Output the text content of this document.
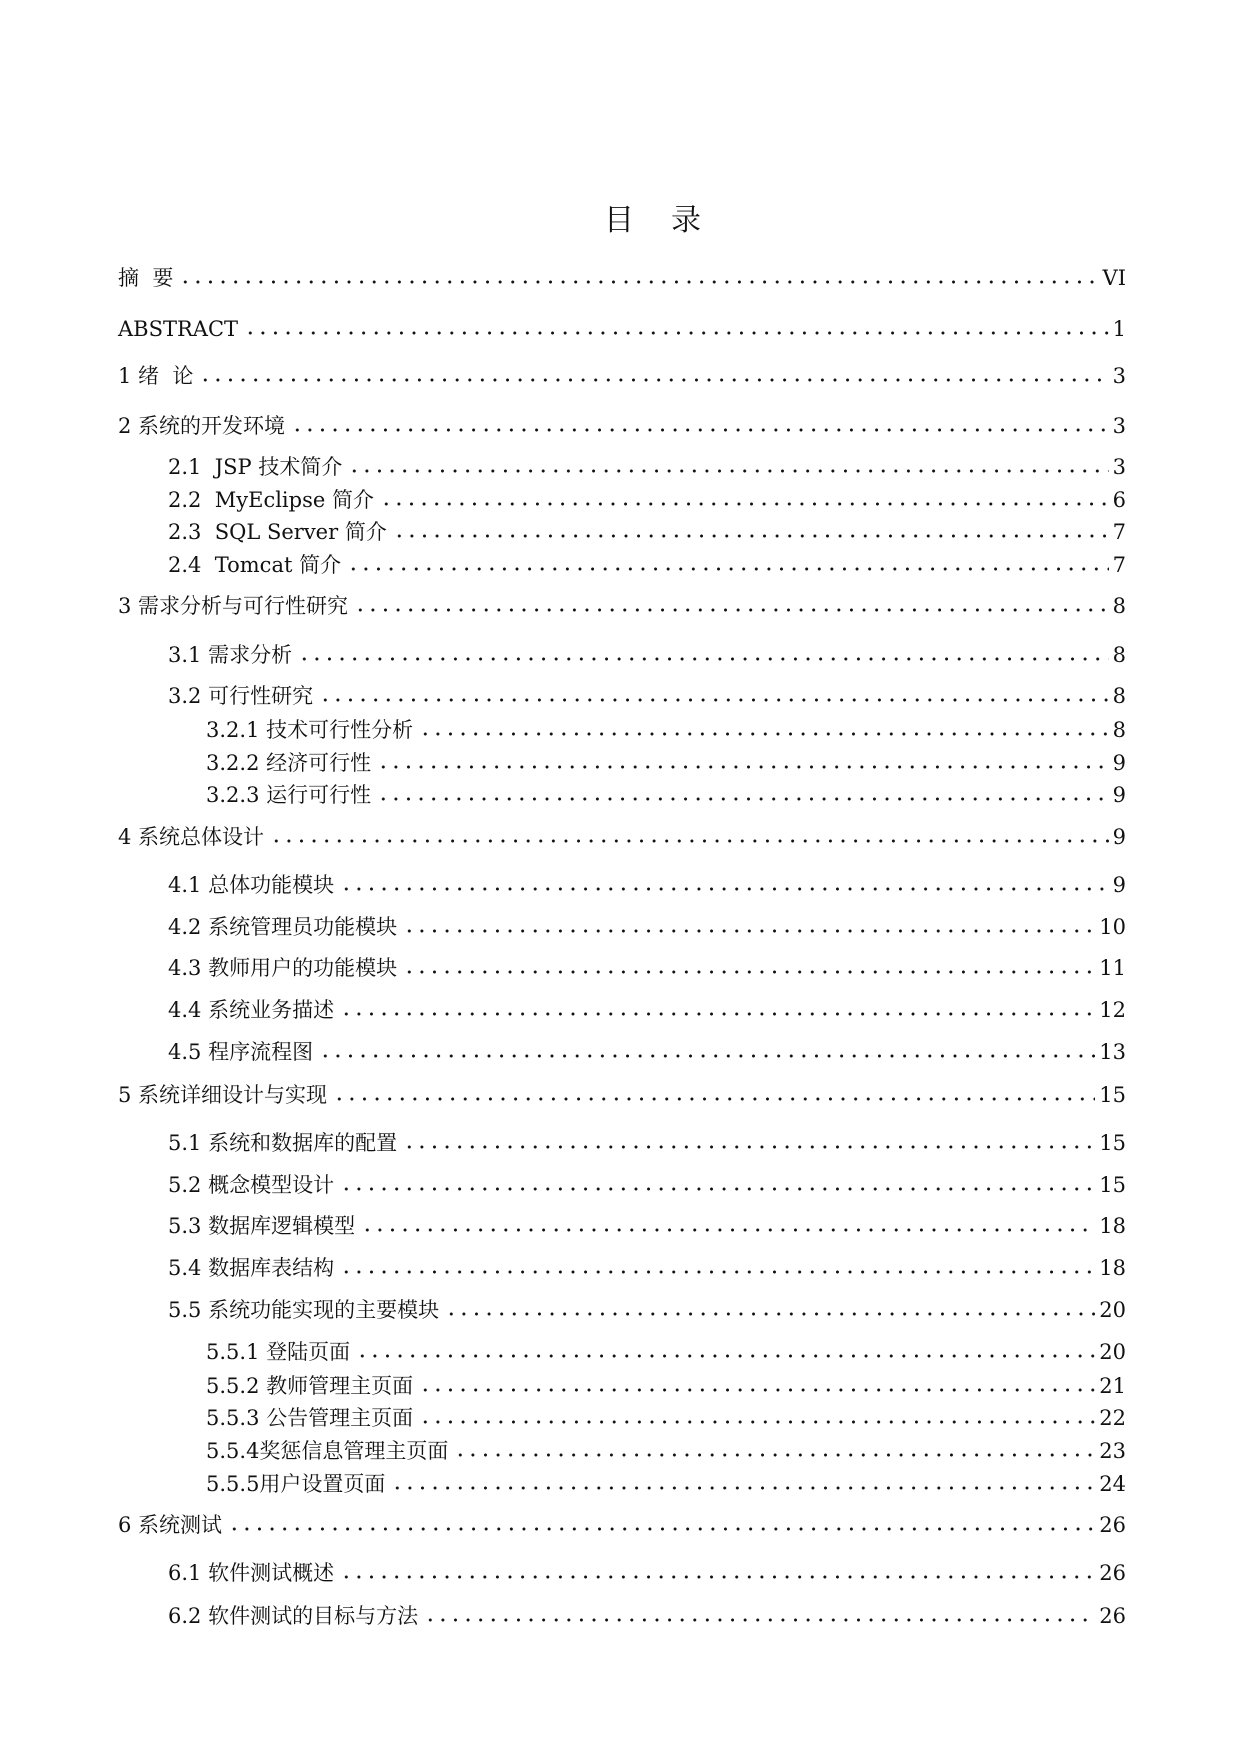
目  录
摘  要	VI
ABSTRACT	1
1 绪  论	3
2 系统的开发环境	3
2.1  JSP 技术简介	3
2.2  MyEclipse 简介	6
2.3  SQL Server 简介	7
2.4  Tomcat 简介	7
3 需求分析与可行性研究	8
3.1 需求分析	8
3.2 可行性研究	8
3.2.1 技术可行性分析	8
3.2.2 经济可行性	9
3.2.3 运行可行性	9
4 系统总体设计	9
4.1 总体功能模块	9
4.2 系统管理员功能模块	10
4.3 教师用户的功能模块	11
4.4 系统业务描述	12
4.5 程序流程图	13
5 系统详细设计与实现	15
5.1 系统和数据库的配置	15
5.2 概念模型设计	15
5.3 数据库逻辑模型	18
5.4 数据库表结构	18
5.5 系统功能实现的主要模块	20
5.5.1 登陆页面	20
5.5.2 教师管理主页面	21
5.5.3 公告管理主页面	22
5.5.4奖惩信息管理主页面	23
5.5.5用户设置页面	24
6 系统测试	26
6.1 软件测试概述	26
6.2 软件测试的目标与方法	26
